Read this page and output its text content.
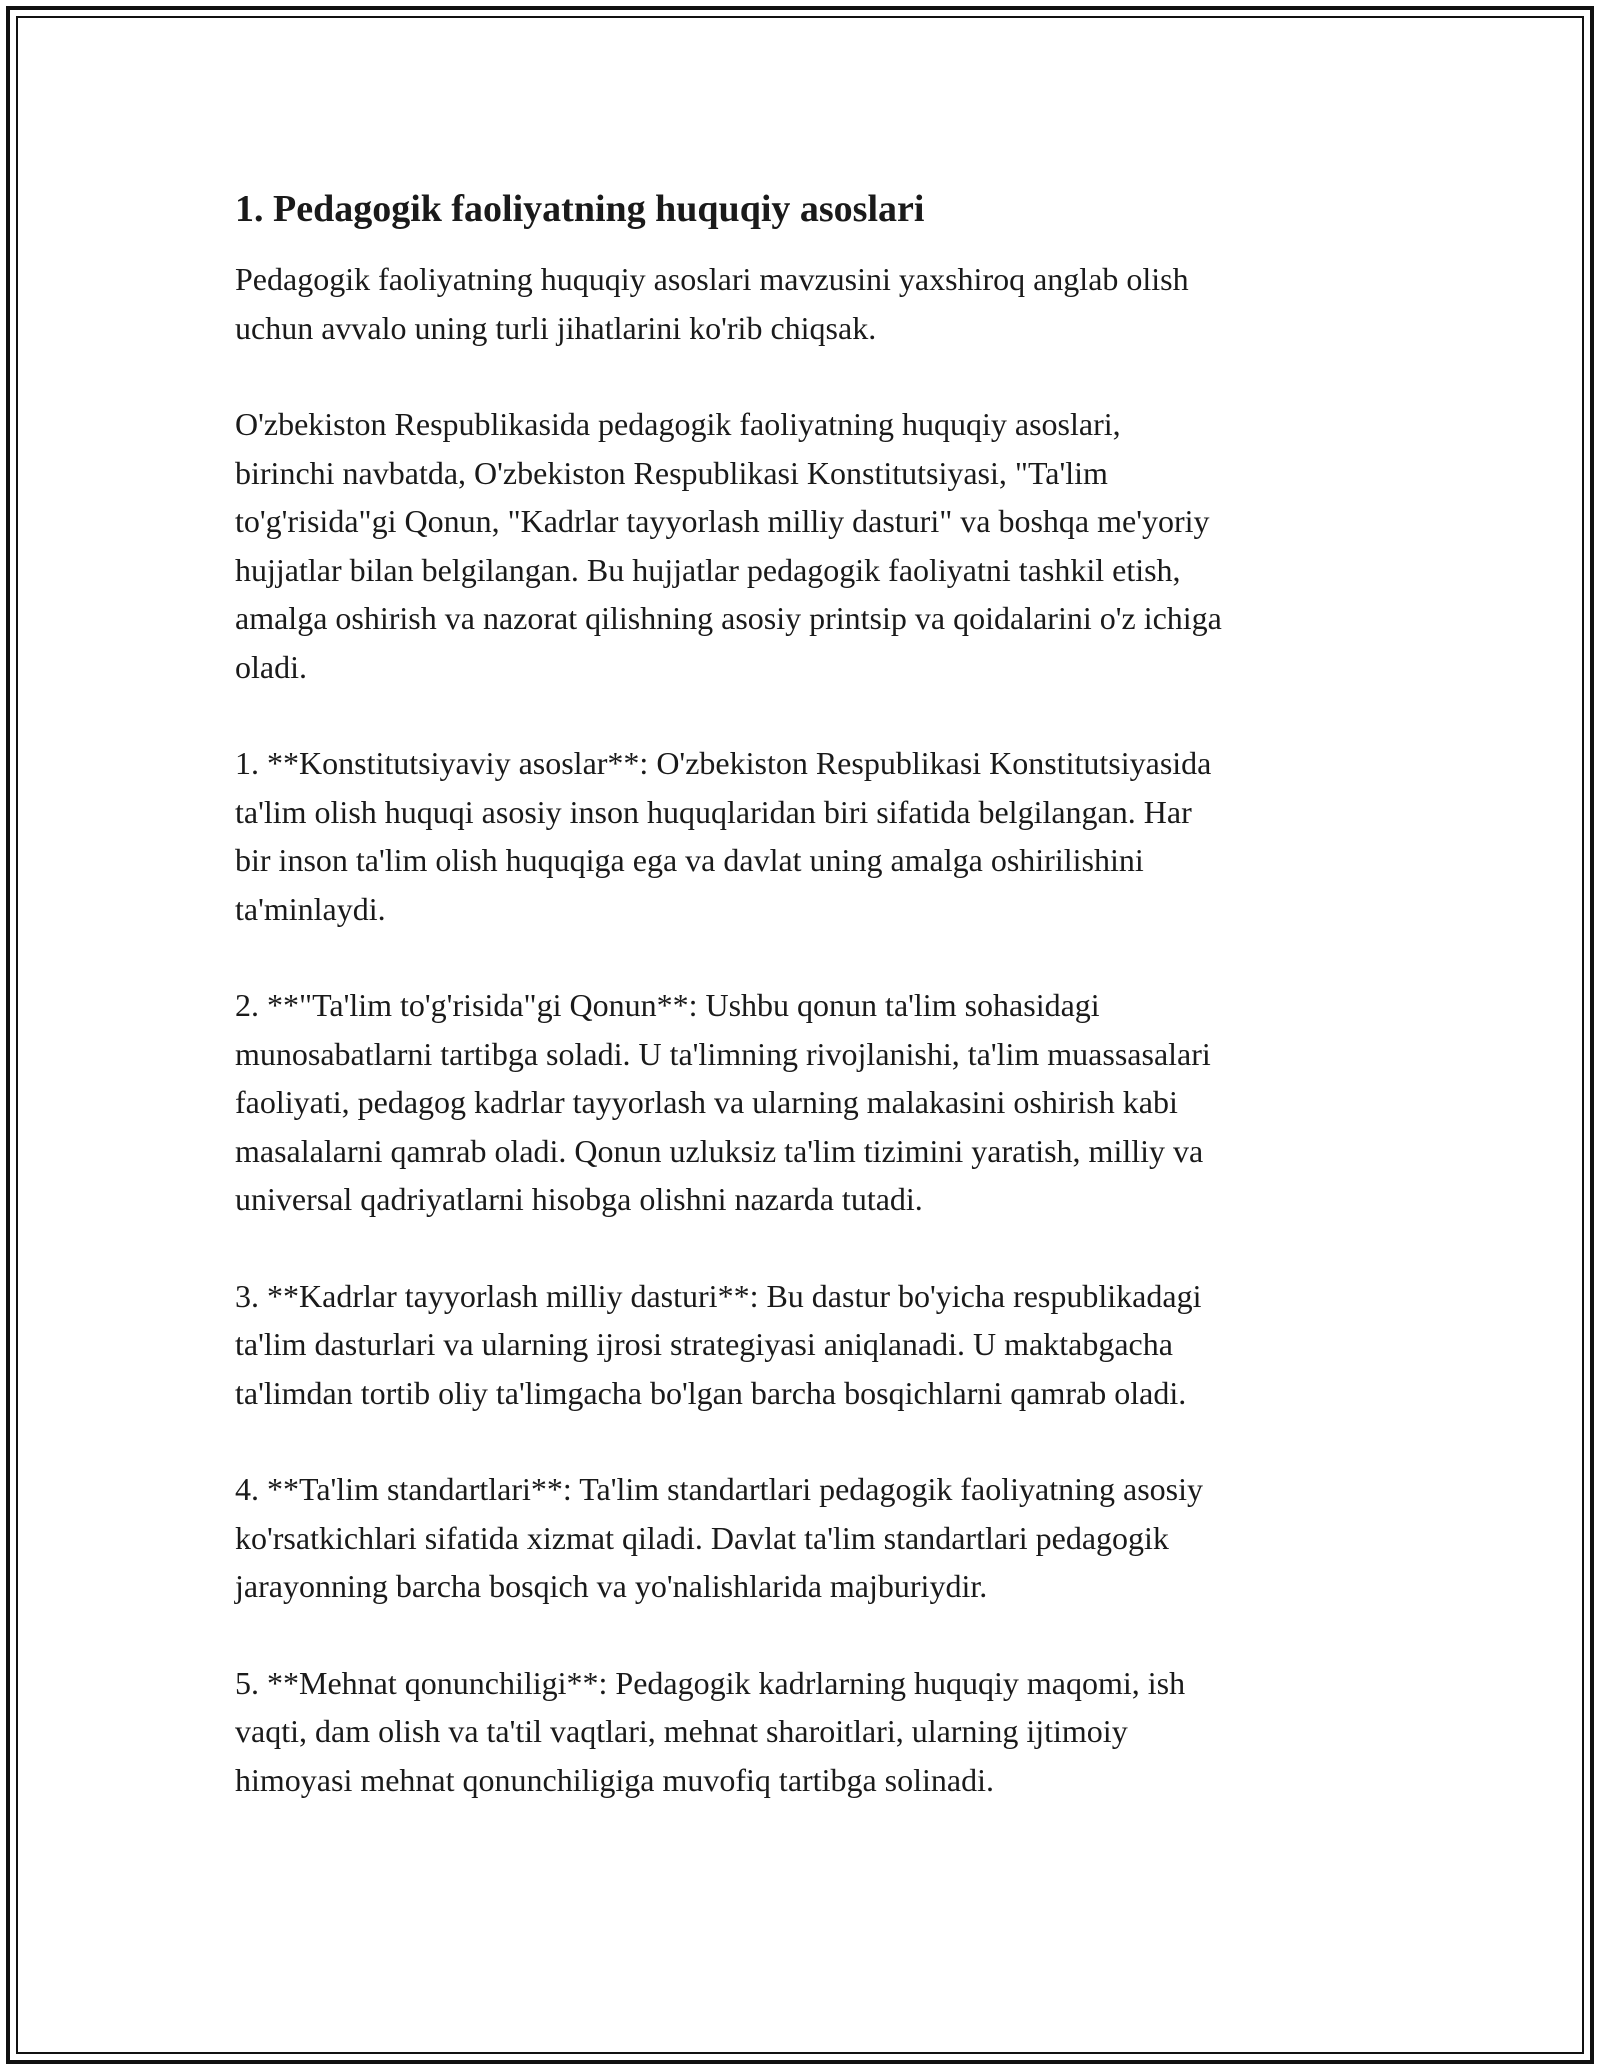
1. Pedagogik faoliyatning huquqiy asoslari

Pedagogik faoliyatning huquqiy asoslari mavzusini yaxshiroq anglab olish
uchun avvalo uning turli jihatlarini ko'rib chiqsak.

O'zbekiston Respublikasida pedagogik faoliyatning huquqiy asoslari,
birinchi navbatda, O'zbekiston Respublikasi Konstitutsiyasi, "Ta'lim
to'g'risida"gi Qonun, "Kadrlar tayyorlash milliy dasturi" va boshqa me'yoriy
hujjatlar bilan belgilangan. Bu hujjatlar pedagogik faoliyatni tashkil etish,
amalga oshirish va nazorat qilishning asosiy printsip va qoidalarini o'z ichiga
oladi.

1. **Konstitutsiyaviy asoslar**: O'zbekiston Respublikasi Konstitutsiyasida
ta'lim olish huquqi asosiy inson huquqlaridan biri sifatida belgilangan. Har
bir inson ta'lim olish huquqiga ega va davlat uning amalga oshirilishini
ta'minlaydi.

2. **"Ta'lim to'g'risida"gi Qonun**: Ushbu qonun ta'lim sohasidagi
munosabatlarni tartibga soladi. U ta'limning rivojlanishi, ta'lim muassasalari
faoliyati, pedagog kadrlar tayyorlash va ularning malakasini oshirish kabi
masalalarni qamrab oladi. Qonun uzluksiz ta'lim tizimini yaratish, milliy va
universal qadriyatlarni hisobga olishni nazarda tutadi.

3. **Kadrlar tayyorlash milliy dasturi**: Bu dastur bo'yicha respublikadagi
ta'lim dasturlari va ularning ijrosi strategiyasi aniqlanadi. U maktabgacha
ta'limdan tortib oliy ta'limgacha bo'lgan barcha bosqichlarni qamrab oladi.

4. **Ta'lim standartlari**: Ta'lim standartlari pedagogik faoliyatning asosiy
ko'rsatkichlari sifatida xizmat qiladi. Davlat ta'lim standartlari pedagogik
jarayonning barcha bosqich va yo'nalishlarida majburiydir.

5. **Mehnat qonunchiligi**: Pedagogik kadrlarning huquqiy maqomi, ish
vaqti, dam olish va ta'til vaqtlari, mehnat sharoitlari, ularning ijtimoiy
himoyasi mehnat qonunchiligiga muvofiq tartibga solinadi.
